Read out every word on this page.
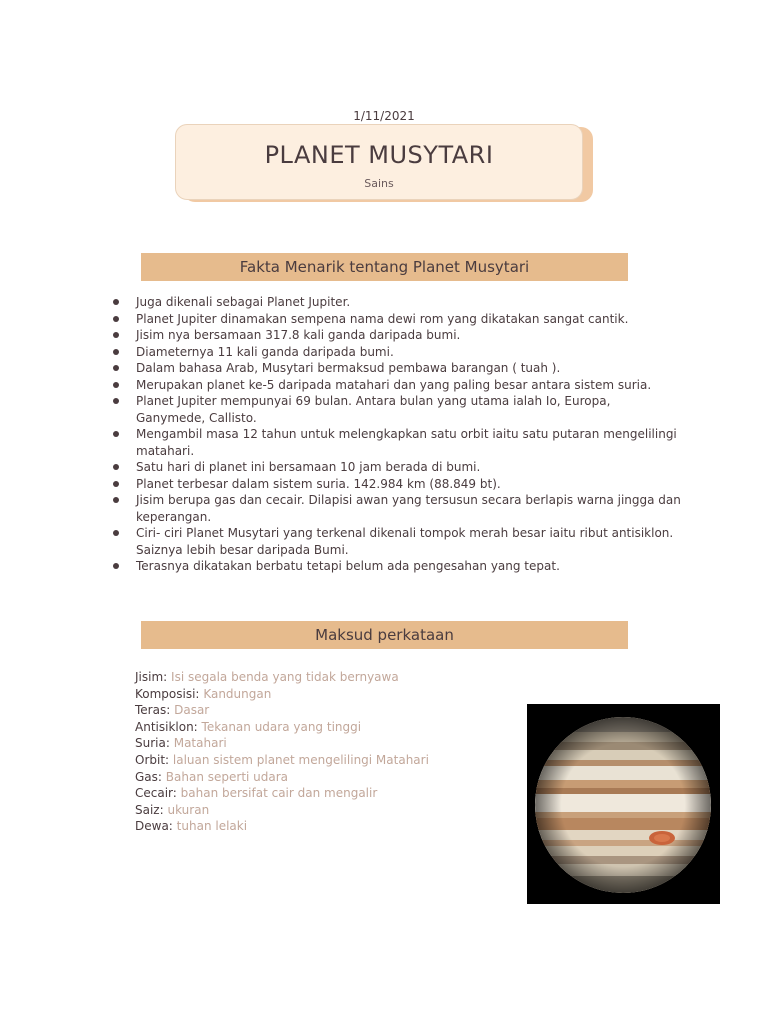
1/11/2021
PLANET MUSYTARI
Sains
Fakta Menarik tentang Planet Musytari
Juga dikenali sebagai Planet Jupiter.
Planet Jupiter dinamakan sempena nama dewi rom yang dikatakan sangat cantik.
Jisim nya bersamaan 317.8 kali ganda daripada bumi.
Diameternya 11 kali ganda daripada bumi.
Dalam bahasa Arab, Musytari bermaksud pembawa barangan ( tuah ).
Merupakan planet ke-5 daripada matahari dan yang paling besar antara sistem suria.
Planet Jupiter mempunyai 69 bulan. Antara bulan yang utama ialah Io, Europa, Ganymede, Callisto.
Mengambil masa 12 tahun untuk melengkapkan satu orbit iaitu satu putaran mengelilingi matahari.
Satu hari di planet ini bersamaan 10 jam berada di bumi.
Planet terbesar dalam sistem suria. 142.984 km (88.849 bt).
Jisim berupa gas dan cecair. Dilapisi awan yang tersusun secara berlapis warna jingga dan keperangan.
Ciri- ciri Planet Musytari yang terkenal dikenali tompok merah besar iaitu ribut antisiklon. Saiznya lebih besar daripada Bumi.
Terasnya dikatakan berbatu tetapi belum ada pengesahan yang tepat.
Maksud perkataan
Jisim: Isi segala benda yang tidak bernyawa
Komposisi: Kandungan
Teras: Dasar
Antisiklon: Tekanan udara yang tinggi
Suria: Matahari
Orbit: laluan sistem planet mengelilingi Matahari
Gas: Bahan seperti udara
Cecair: bahan bersifat cair dan mengalir
Saiz: ukuran
Dewa: tuhan lelaki
